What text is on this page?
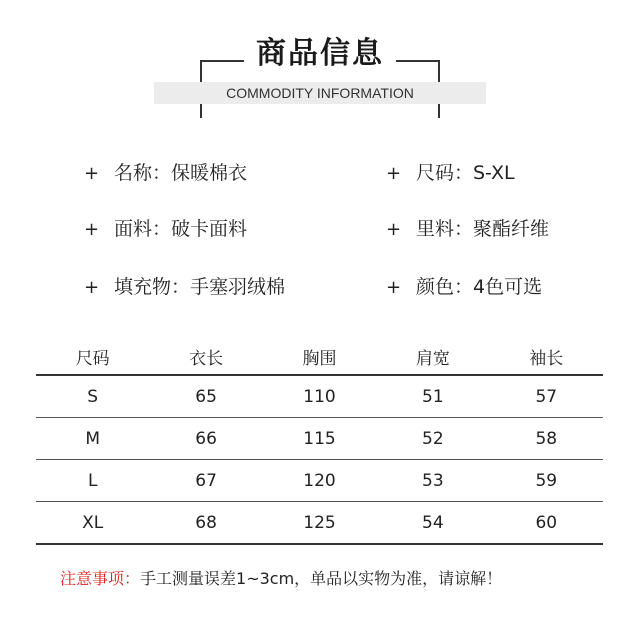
商品信息
COMMODITY INFORMATION
+ 名称：保暖棉衣	+ 尺码：S-XL
+ 面料：破卡面料	+ 里料：聚酯纤维
+ 填充物：手塞羽绒棉	+ 颜色：4色可选
尺码	衣长	胸围	肩宽	袖长
S	65	110	51	57
M	66	115	52	58
L	67	120	53	59
XL	68	125	54	60
注意事项：手工测量误差1~3cm，单品以实物为准，请谅解！
